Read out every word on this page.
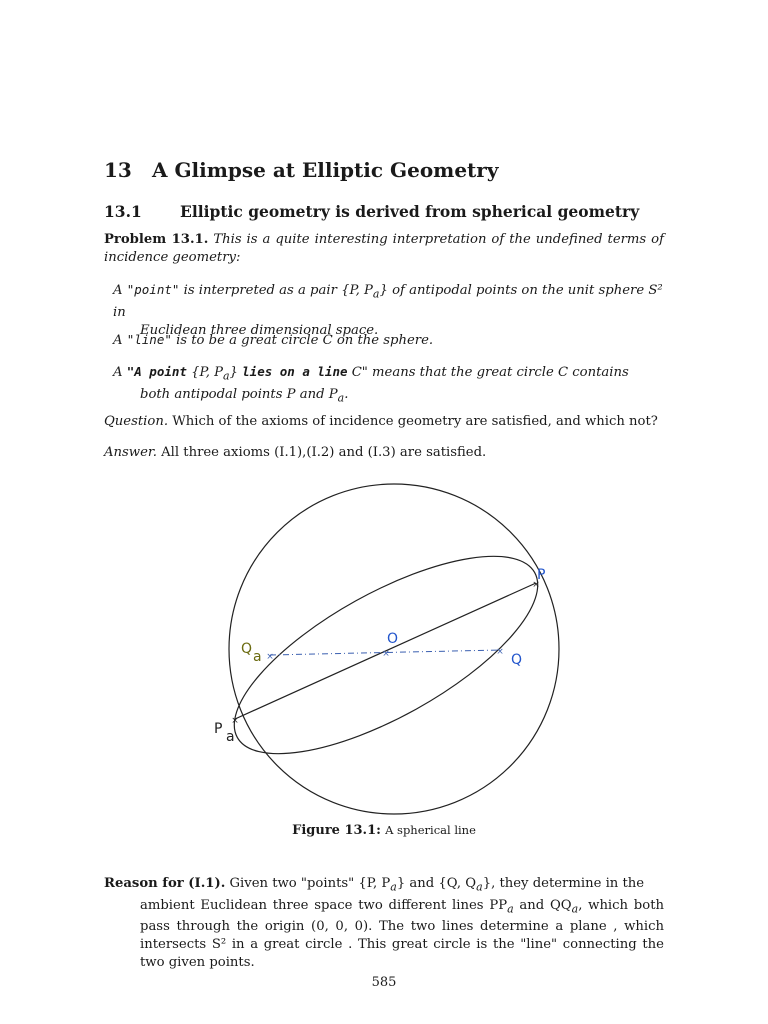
13 A Glimpse at Elliptic Geometry
13.1 Elliptic geometry is derived from spherical geometry
Problem 13.1. This is a quite interesting interpretation of the undefined terms of incidence geometry:
A "point" is interpreted as a pair {P, $P_a$} of antipodal points on the unit sphere S² in
Euclidean three dimensional space.
A "line" is to be a great circle C on the sphere.
A "A point {P, $P_a$} lies on a line C" means that the great circle C contains
both antipodal points P and $P_a$.
Question. Which of the axioms of incidence geometry are satisfied, and which not?
Answer. All three axioms (I.1),(I.2) and (I.3) are satisfied.
×	×
×
×
×
P
O
Q
Q a
P a
Figure 13.1: A spherical line
Reason for (I.1). Given two "points" {P, $P_a$} and {Q, $Q_a$}, they determine in the
ambient Euclidean three space two different lines $PP_a$ and $QQ_a$, which both pass through the origin (0, 0, 0). The two lines determine a plane , which intersects S² in a great circle . This great circle is the "line" connecting the two given points.
585
